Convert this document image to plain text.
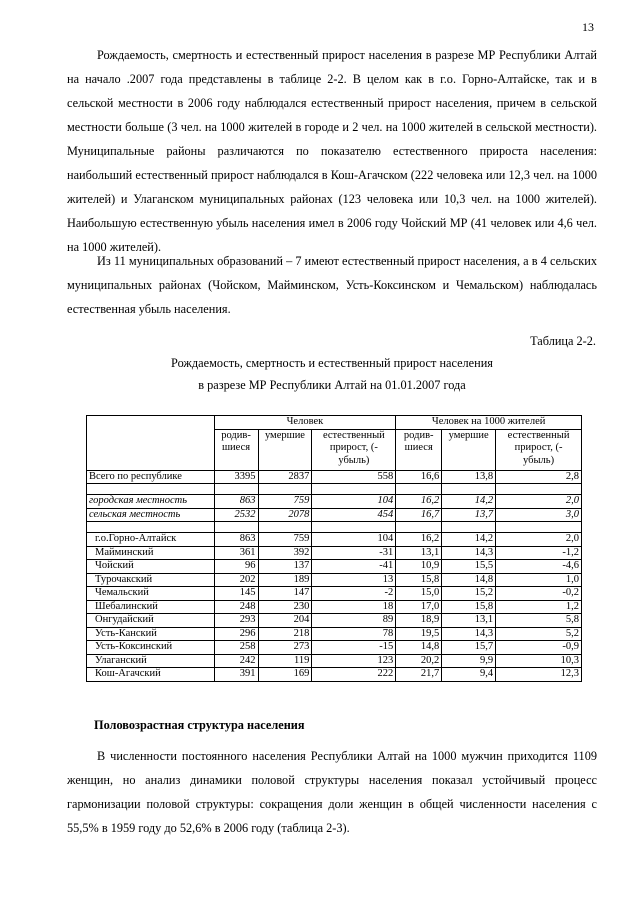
13

Рождаемость, смертность и естественный прирост населения в разрезе МР Республики Алтай на начало .2007 года представлены в таблице 2-2. В целом как в г.о. Горно-Алтайске, так и в сельской местности в 2006 году наблюдался естественный прирост населения, причем в сельской местности больше (3 чел. на 1000 жителей в городе и 2 чел. на 1000 жителей в сельской местности). Муниципальные районы различаются по показателю естественного прироста населения: наибольший естественный прирост наблюдался в Кош-Агачском (222 человека или 12,3 чел. на 1000 жителей) и Улаганском муниципальных районах (123 человека или 10,3 чел. на 1000 жителей). Наибольшую естественную убыль населения имел в 2006 году Чойский МР (41 человек или 4,6 чел. на 1000 жителей).

Из 11 муниципальных образований – 7 имеют естественный прирост населения, а в 4 сельских муниципальных районах (Чойском, Майминском, Усть-Коксинском и Чемальском) наблюдалась естественная убыль населения.

Таблица 2-2.

Рождаемость, смертность и естественный прирост населения

в разрезе МР Республики Алтай на 01.01.2007 года

	Человек			Человек на 1000 жителей		
	родив-шиеся	умершие	естественный прирост, (- убыль)	родив-шиеся	умершие	естественный прирост, (- убыль)
Всего по республике	3395	2837	558	16,6	13,8	2,8

городская местность	863	759	104	16,2	14,2	2,0
сельская местность	2532	2078	454	16,7	13,7	3,0

г.о.Горно-Алтайск	863	759	104	16,2	14,2	2,0
Майминский	361	392	-31	13,1	14,3	-1,2
Чойский	96	137	-41	10,9	15,5	-4,6
Турочакский	202	189	13	15,8	14,8	1,0
Чемальский	145	147	-2	15,0	15,2	-0,2
Шебалинский	248	230	18	17,0	15,8	1,2
Онгудайский	293	204	89	18,9	13,1	5,8
Усть-Канский	296	218	78	19,5	14,3	5,2
Усть-Коксинский	258	273	-15	14,8	15,7	-0,9
Улаганский	242	119	123	20,2	9,9	10,3
Кош-Агачский	391	169	222	21,7	9,4	12,3
Половозрастная структура населения

В численности постоянного населения Республики Алтай на 1000 мужчин приходится 1109 женщин, но анализ динамики половой структуры населения показал устойчивый процесс гармонизации половой структуры: сокращения доли женщин в общей численности населения с 55,5% в 1959 году до 52,6% в 2006 году (таблица 2-3).
